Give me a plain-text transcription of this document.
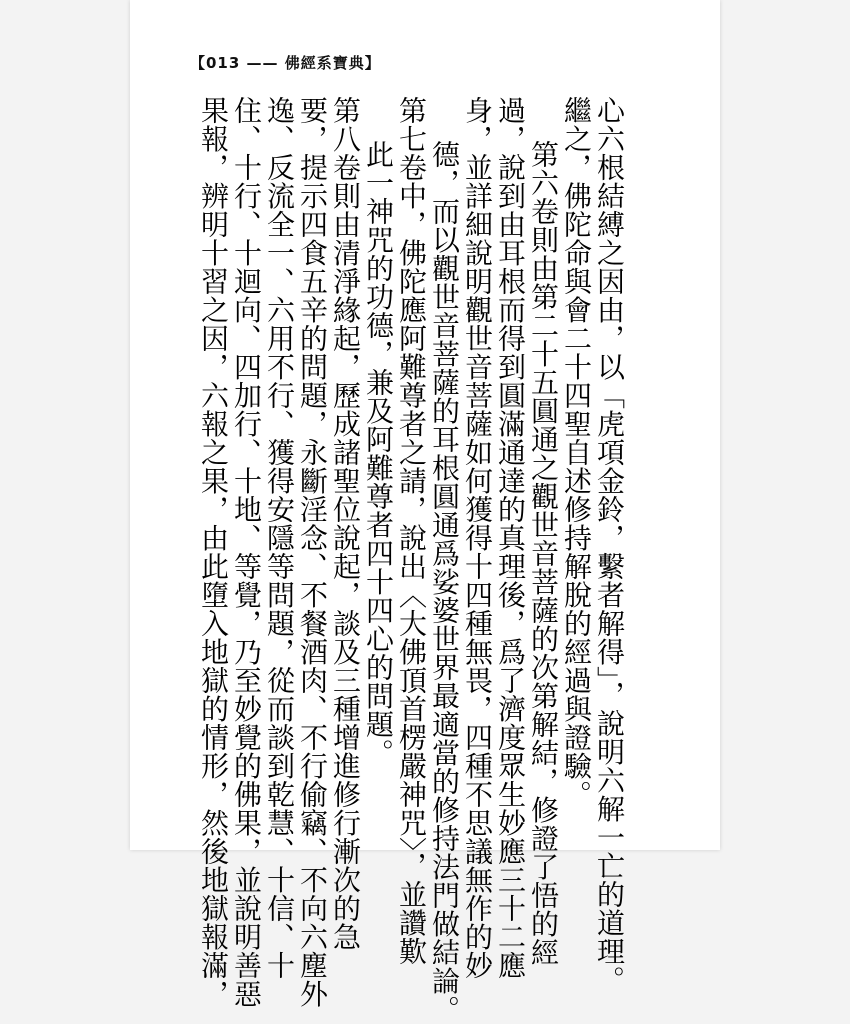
【013 —— 佛經系寶典】
心六根結縛之因由，以「虎項金鈴，繫者解得」，說明六解一亡的道理。
繼之，佛陀命與會二十四聖自述修持解脫的經過與證驗。
第六卷則由第二十五圓通之觀世音菩薩的次第解結，修證了悟的經
過，說到由耳根而得到圓滿通達的真理後，爲了濟度眾生妙應三十二應
身，並詳細說明觀世音菩薩如何獲得十四種無畏，四種不思議無作的妙
德，而以觀世音菩薩的耳根圓通爲娑婆世界最適當的修持法門做結論。
第七卷中，佛陀應阿難尊者之請，說出〈大佛頂首楞嚴神咒〉，並讚歎
此一神咒的功德，兼及阿難尊者四十四心的問題。
第八卷則由清淨緣起，歷成諸聖位說起，談及三種增進修行漸次的急
要，提示四食五辛的問題，永斷淫念、不餐酒肉、不行偷竊、不向六塵外
逸、反流全一、六用不行、獲得安隱等問題，從而談到乾慧、十信、十
住、十行、十迴向、四加行、十地、等覺，乃至妙覺的佛果，並說明善惡
果報，辨明十習之因，六報之果，由此墮入地獄的情形，然後地獄報滿，
